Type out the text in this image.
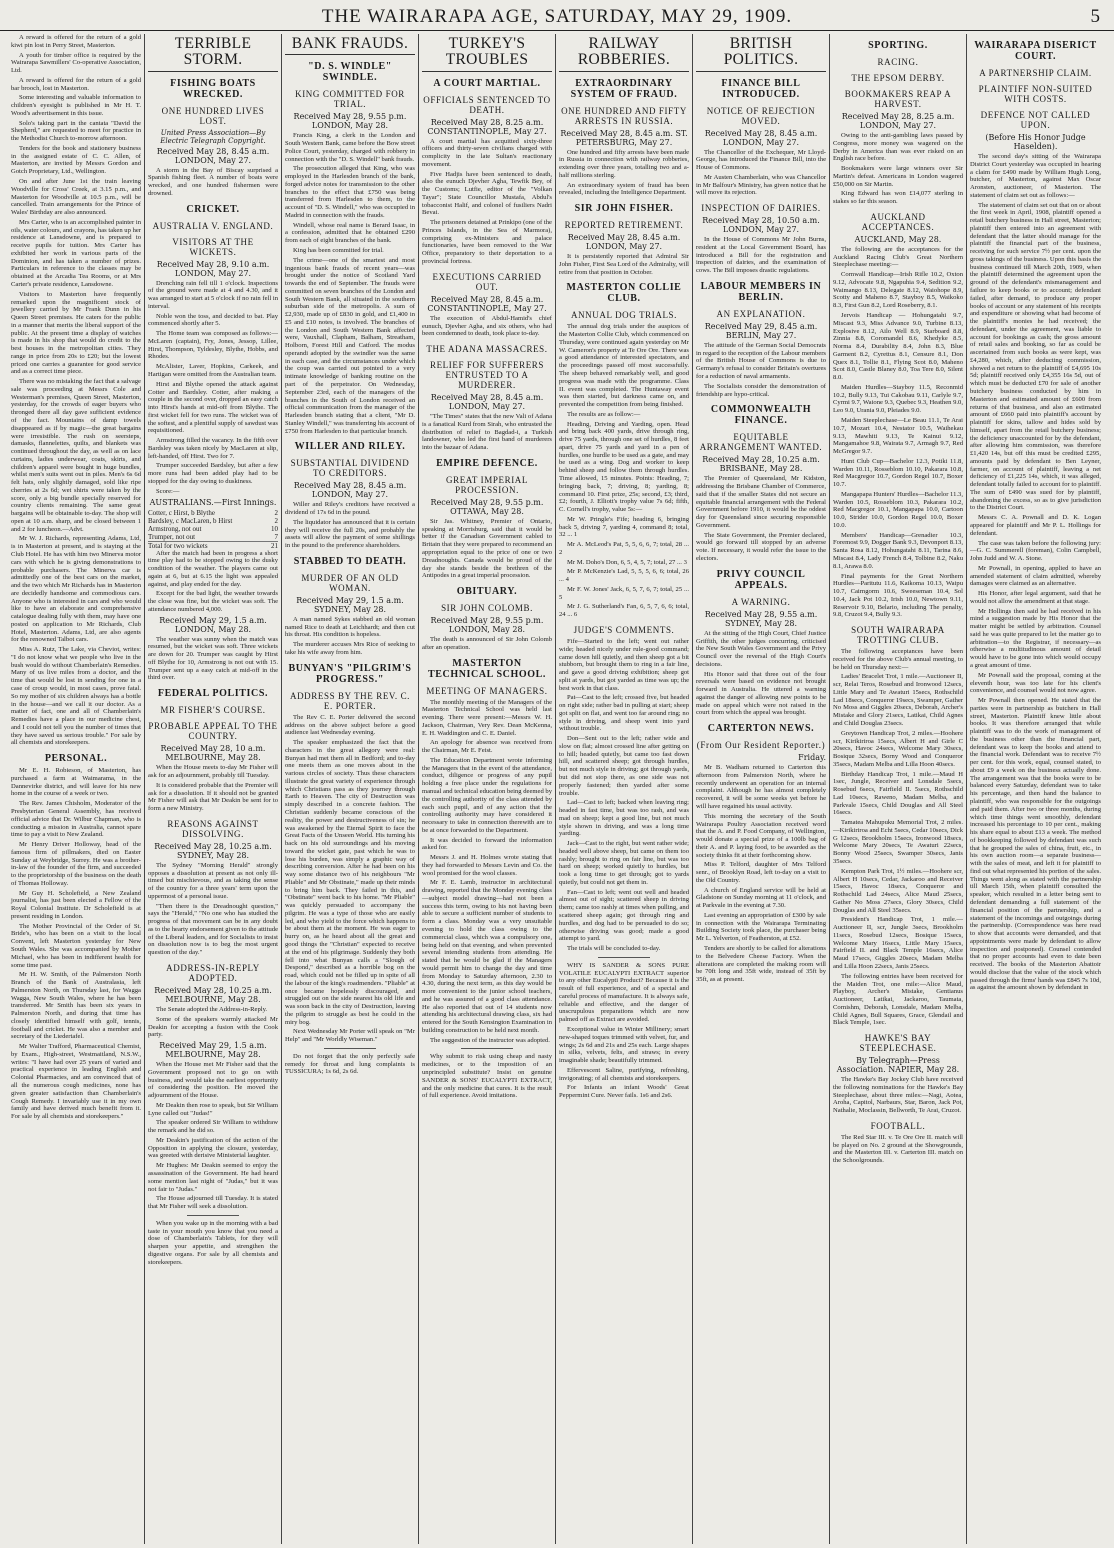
THE WAIRARAPA AGE, SATURDAY, MAY 29, 1909.	5

A reward is offered for the return of a gold kiwi pin lost in Perry Street, Masterton.

A youth for timber office is required by the Wairarapa Sawmillers' Co-operative Association, Ltd.

A reward is offered for the return of a gold bar brooch, lost in Masterton.

Some interesting and valuable information to children's eyesight is published in Mr H. T. Wood's advertisement in this issue.

Solo's taking part in the cantata "David the Shepherd," are requested to meet for practice in the Methodist Church to-morrow afternoon.

Tenders for the book and stationery business in the assigned estate of C. C. Allen, of Masterton, are invited by Messrs Gordon and Gotch Proprietary, Ltd., Wellington.

On and after June 1st the train leaving Woodville for Cross' Creek, at 3.15 p.m., and Masterton for Woodville at 10.5 p.m., will be cancelled. Train arrangements for the Prince of Wales' Birthday are also announced.

Mrs Carter, who is an accomplished painter in oils, water colours, and crayons, has taken up her residence at Lansdowne, and is prepared to receive pupils for tuition. Mrs Carter has exhibited her work in various parts of the Dominion, and has taken a number of prizes. Particulars in reference to the classes may be obtained at the Arcadia Tea Rooms, or at Mrs Carter's private residence, Lansdowne.

Visitors to Masterton have frequently remarked upon the magnificent stock of jewellery carried by Mr Frank Dunn in his Queen Street premises. He caters for the public in a manner that merits the liberal support of the public. At the present time a display of watches is made in his shop that would do credit to the best houses in the metropolitan cities. They range in price from 20s to £20; but the lowest priced one carries a guarantee for good service and as a correct time piece.

There was no mistaking the fact that a salvage sale was proceeding at Messrs Cole and Westerman's premises, Queen Street, Masterton, yesterday, for the crowds of eager buyers who thronged there all day gave sufficient evidence of the fact. Mountains of damp towels disappeared as if by magic—the great bargains were irresistible. The rush on seersteps, damasks, flannelettes, quilts, and blankets was continued throughout the day, as well as on lace curtains, ladies underwear, coats, skirts, and children's apparel were bought in huge bundles, whilst men's suits went out in piles. Men's 6s 6d felt hats, only slightly damaged, sold like ripe cherries at 2s 6d; wet shirts were taken by the score, only a big bundle specially reserved for country clients remaining. The same great bargains will be obtainable to-day. The shop will open at 10 a.m. sharp, and be closed between 1 and 2 for luncheon.—Advt.

Mr W. J. Richards, representing Adams, Ltd, is in Masterton at present, and is staying at the Club Hotel. He has with him two Minerva motor cars with which he is giving demonstrations to probable purchasers. The Minerva car is admittedly one of the best cars on the market, and the two which Mr Richards has in Masterton are decidedly handsome and commodious cars. Anyone who is interested in cars and who would like to have an elaborate and comprehensive catalogue dealing fully with them, may have one posted on application to Mr Richards, Club Hotel, Masterton. Adams, Ltd, are also agents for the renowned Talbot cars.

Miss A. Rutz, The Lake, via Cheviot, writes: "I do not know what we people who live in the bush would do without Chamberlain's Remedies. Many of us live miles from a doctor, and the time that would be lost in sending for one in a case of croup would, in most cases, prove fatal. So my mother of six children always has a bottle in the house—and we call it our doctor. As a matter of fact, one and all of Chamberlain's Remedies have a place in our medicine chest, and I could not tell you the number of times that they have saved us serious trouble." For sale by all chemists and storekeepers.

PERSONAL.

Mr E. H. Robieson, of Masterton, has purchased a farm at Waimarama, in the Dannevirke district, and will leave for his new home in the course of a week or two.

The Rev. James Chisholm, Moderator of the Presbyterian General Assembly, has received official advice that Dr. Wilbur Chapman, who is conducting a mission in Australia, cannot spare time to pay a visit to New Zealand.

Mr Henry Driver Holloway, head of the famous firm of pillmakers, died on Easter Sunday at Weybridge, Surrey. He was a brother-in-law of the founder of the firm, and succeeded to the proprietorship of the business on the death of Thomas Holloway.

Mr Guy H. Scholefield, a New Zealand journalist, has just been elected a Fellow of the Royal Colonial Institute. Dr Scholefield is at present residing in London.

The Mother Provincial of the Order of St. Bride's, who has been on a visit to the local Convent, left Masterton yesterday for New South Wales. She was accompanied by Mother Michael, who has been in indifferent health for some time past.

Mr H. W. Smith, of the Palmerston North Branch of the Bank of Australasia, left Palmerston North, on Thursday last, for Wagga Wagga, New South Wales, where he has been transferred. Mr Smith has been six years in Palmerston North, and during that time has closely identified himself with golf, tennis, football and cricket. He was also a member and secretary of the Liedertafel.

Mr Walter Trafford, Pharmaceutical Chemist, by Exam., High-street, Westmaitland, N.S.W., writes: "I have had over 25 years of varied and practical experience in leading English and Colonial Pharmacies, and am convinced that of all the numerous cough medicines, none has given greater satisfaction than Chamberlain's Cough Remedy. I invariably use it in my own family and have derived much benefit from it. For sale by all chemists and storekeepers."

TERRIBLE STORM.
FISHING BOATS WRECKED.
ONE HUNDRED LIVES LOST.
United Press Association—By Electric Telegraph Copyright.
Received May 28, 8.45 a.m. LONDON, May 27.

A storm in the Bay of Biscay surprised a Spanish fishing fleet. A number of boats were wrecked, and one hundred fishermen were drowned.

CRICKET.
AUSTRALIA V. ENGLAND.
VISITORS AT THE WICKETS.
Received May 28, 9.10 a.m. LONDON, May 27.

Drenching rain fell till 1 o'clock. Inspections of the ground were made at 4 and 4.30, and it was arranged to start at 5 o'clock if no rain fell in interval.

Noble won the toss, and decided to bat. Play commenced shortly after 5.

The Home team was composed as follows:—McLaren (captain), Fry, Jones, Jessop, Lillee, Hirst, Thompson, Tyldesley, Blythe, Hobbs, and Rhodes.

McAlister, Laver, Hopkins, Carkeek, and Hartigan were omitted from the Australian team.

Hirst and Blythe opened the attack against Cotter and Bardsley. Cotter, after making a couple in the second over, dropped an easy catch into Hirst's hands at mid-off from Blythe. The first wicket fell for two runs. The wicket was of the softest, and a plentiful supply of sawdust was requisitioned.

Armstrong filled the vacancy. In the fifth over Bardsley was taken nicely by MacLaren at slip, left-handed, off Hirst. Two for 7.

Trumper succeeded Bardsley, but after a few more runs had been added play had to be stopped for the day owing to duskiness.

Score:—

AUSTRALIANS.—First Innings.
Cotter, c Hirst, b Blythe	2
Bardsley, c MacLaren, b Hirst	2
Armstrong, not out	10
Trumper, not out	7
Total for two wickets	21

After the match had been in progress a short time play had to be stopped owing to the dusky condition of the weather. The players came out again at 6, but at 6.15 the light was appealed against, and play ended for the day.

Except for the bad light, the weather towards the close was fine, but the wicket was soft. The attendance numbered 4,000.

Received May 29, 1.5 a.m. LONDON, May 28.

The weather was sunny when the match was resumed, but the wicket was soft. Three wickets are down for 20. Trumper was caught by Hirst off Blythe for 10, Armstrong is not out with 15. Trumper sent up a easy catch at mid-off in the third over.

FEDERAL POLITICS.
MR FISHER'S COURSE.
PROBABLE APPEAL TO THE COUNTRY.
Received May 28, 10 a.m. MELBOURNE, May 28.

When the House meets to-day Mr Fisher will ask for an adjournment, probably till Tuesday.

It is considered probable that the Premier will ask for a dissolution. If it should not be granted Mr Fisher will ask that Mr Deakin be sent for to form a new Ministry.

REASONS AGAINST DISSOLVING.
Received May 28, 10.25 a.m. SYDNEY, May 28.

The Sydney "Morning Herald" strongly opposes a dissolution at present as not only ill-timed but mischievous, and as taking the sense of the country for a three years' term upon the uppermost of a personal issue.

"Then there is the Dreadnought question," says the "Herald," "No one who has studied the progress of that movement can be in any doubt as to the hearty endorsement given to the attitude of the Liberal leaders, and for Socialists to insist on dissolution now is to beg the most urgent question of the day."

ADDRESS-IN-REPLY ADOPTED.
Received May 28, 10.25 a.m. MELBOURNE, May 28.

The Senate adopted the Address-in-Reply.

Some of the speakers warmly attacked Mr Deakin for accepting a fusion with the Cook party.

Received May 29, 1.5 a.m. MELBOURNE, May 28.

When the House met Mr Fisher said that the Government proposed not to go on with business, and would take the earliest opportunity of considering the position. He moved the adjournment of the House.

Mr Deakin then rose to speak, but Sir William Lyne called out "Judas!"

The speaker ordered Sir William to withdraw the remark and he did so.

Mr Deakin's justification of the action of the Opposition in applying the closure, yesterday, was greeted with derisive Ministerial laughter.

Mr Hughes: Mr Deakin seemed to enjoy the assassination of the Government. He had heard some mention last night of "Judas," but it was not fair to "Judas."

The House adjourned till Tuesday. It is stated that Mr Fisher will seek a dissolution.

When you wake up in the morning with a bad taste in your mouth you know that you need a dose of Chamberlain's Tablets, for they will sharpen your appetite, and strengthen the digestive organs. For sale by all chemists and storekeepers.

BANK FRAUDS.
"D. S. WINDLE" SWINDLE.
KING COMMITTED FOR TRIAL.
Received May 28, 9.55 p.m. LONDON, May 28.

Francis King, a clerk in the London and South Western Bank, came before the Bow street Police Court, yesterday, charged with robbery in connection with the "D. S. Windell" bank frauds.

The prosecution alleged that King, who was employed in the Harlesden branch of the bank, forged advice notes for transmission to the other branches to the effect that £750 was being transferred from Harlesden to them, to the account of "D. S. Windell," who was occupied in Madrid in connection with the frauds.

Windell, whose real name is Berard Isaac, in a confession, admitted that he obtained £290 from each of eight branches of the bank.

King has been committed for trial.

The crime—one of the smartest and most ingenious bank frauds of recent years—was brought under the notice of Scotland Yard towards the end of September. The frauds were committed on seven branches of the London and South Western Bank, all situated in the southern suburban side of the metropolis. A sum of £2,930, made up of £830 in gold, and £1,400 in £5 and £10 notes, is involved. The branches of the London and South Western Bank affected were, Vauxhall, Clapham, Balham, Streatham, Holborn, Forest Hill and Catford. The modus operandi adopted by the swindler was the same in each case, and the circumstances under which the coup was carried out pointed to a very intimate knowledge of banking routine on the part of the perpetrator. On Wednesday, September 23rd, each of the managers of the branches in the South of London received an official communication from the manager of the Harlesden branch stating that a client, "Mr D. Stanley Windell," was transferring his account of £750 from Harlesden to that particular branch.

WILLER AND RILEY.
SUBSTANTIAL DIVIDEND TO CREDITORS.
Received May 28, 8.45 a.m. LONDON, May 27.

Willer and Riley's creditors have received a dividend of 17s 6d in the pound.

The liquidator has announced that it is certain they will receive the full 20s, and probably the assets will allow the payment of some shillings in the pound to the preference shareholders.

STABBED TO DEATH.
MURDER OF AN OLD WOMAN.
Received May 29, 1.5 a.m. SYDNEY, May 28.

A man named Sykes stabbed an old woman named Rice to death at Leichhardt; and then cut his throat. His condition is hopeless.

The murderer accuses Mrs Rice of seeking to take his wife away from him.

BUNYAN'S "PILGRIM'S PROGRESS."
ADDRESS BY THE REV. C. E. PORTER.

The Rev C. E. Porter delivered the second address on the above subject before a good audience last Wednesday evening.

The speaker emphasized the fact that the characters in the great allegory were real: Bunyan had met them all in Bedford; and to-day one meets them as one moves about in the various circles of society. Thus these characters illustrate the great variety of experience through which Christians pass as they journey through Earth to Heaven. The city of Destruction was simply described in a concrete fashion. The Christian suddenly became conscious of the reality, the power and destructiveness of sin; he was awakened by the Eternal Spirit to face the Great Facts of the Unseen World. His turning his back on his old surroundings and his moving toward the wicket gate, past which he was to lose his burden, was simply a graphic way of describing conversion. After he had been on his way some distance two of his neighbours "Mr Pliable" and Mr Obstinate," made up their minds to bring him back. They failed in this, and "Obstinate" went back to his home. "Mr Pliable" was quickly persuaded to accompany the pilgrim. He was a type of those who are easily led, and who yield to the force which happens to be about them at the moment. He was eager to hurry on, as he heard about all the great and good things the "Christian" expected to receive at the end of his pilgrimage. Suddenly they both fell into what Bunyan calls a "Slough of Despond," described as a horrible bog on the road, which could not be filled up in spite of all the labour of the king's roadmenders. "Pliable" at once became hopelessly discouraged, and struggled out on the side nearest his old life and was soon back in the city of Destruction, leaving the pilgrim to struggle as best he could in the miry bog.

Next Wednesday Mr Porter will speak on "Mr Help" and "Mr Worldly Wiseman."

Do not forget that the only perfectly safe remedy for throat and lung complaints is TUSSICURA; 1s 6d, 2s 6d.

TURKEY'S TROUBLES
A COURT MARTIAL.
OFFICIALS SENTENCED TO DEATH.
Received May 28, 8.25 a.m. CONSTANTINOPLE, May 27.

A court martial has acquitted sixty-three officers and thirty-seven civilians charged with complicity in the late Sultan's reactionary movement.

Five Hadjis have been sentenced to death, also the eunuch Djevher Agha, Tewfik Bey, of the Customs; Lutfie, editor of the "Volkan Tayar"; State Councillor Mustafa, Abdul's tobacconist Halif, and colonel of fusiliers Nadri Bevai.

The prisoners detained at Prinkipo (one of the Princes Islands, in the Sea of Marmora), comprising ex-Ministers and palace functionaries, have been removed to the War Office, preparatory to their deportation to a provincial fortress.

EXECUTIONS CARRIED OUT.
Received May 28, 8.45 a.m. CONSTANTINOPLE, May 27.

The execution of Abdul-Hamid's chief eunuch, Djevher Agha, and six others, who had been condemned to death, took place to-day.

THE ADANA MASSACRES.
RELIEF FOR SUFFERERS ENTRUSTED TO A MURDERER.
Received May 28, 8.45 a.m. LONDON, May 27.

"The Times" states that the new Vali of Adana is a fanatical Kurd from Sirah, who entrusted the distribution of relief to Bagdad-i, a Turkish landowner, who led the first band of murderers into the bazaar of Adana.

EMPIRE DEFENCE.
GREAT IMPERIAL PROCESSION.
Received May 28, 9.55 p.m. OTTAWA, May 28.

Sir Jas. Whitney, Premier of Ontario, speaking at Morrisburg, said that it would be better if the Canadian Government cabled to Britain that they were prepared to recommend an appropriation equal to the price of one or two Dreadnoughts. Canada would be proud of the day she stands beside the brethren of the Antipodes in a great imperial procession.

OBITUARY.
SIR JOHN COLOMB.
Received May 28, 9.55 p.m. LONDON, May 28.

The death is announced of Sir John Colomb after an operation.

MASTERTON TECHNICAL SCHOOL.
MEETING OF MANAGERS.

The monthly meeting of the Managers of the Masterton Technical School was held last evening. There were present:—Messrs W. H. Jackson, Chairman, Very Rev. Dean McKenna, E. H. Waddington and C. E. Daniel.

An apology for absence was received from the Chairman, Mr E. Feist.

The Education Department wrote informing the Managers that in the event of the attendance, conduct, diligence or progress of any pupil holding a free place under the regulations for manual and technical education being deemed by the controlling authority of the class attended by each such pupil, and of any action that the controlling authority may have considered it necessary to take in connection therewith are to be at once forwarded to the Department.

It was decided to forward the information asked for.

Messrs J. and H. Holmes wrote stating that they had forwarded to Messrs Levin and Co. the wool promised for the wool classes.

Mr F. E. Lamb, instructor in architectural drawing, reported that the Monday evening class—subject model drawing—had not been a success this term, owing to his not having been able to secure a sufficient number of students to form a class. Monday was a very unsuitable evening to hold the class owing to the commercial class, which was a compulsory one, being held on that evening, and when prevented several intending students from attending. He stated that he would be glad if the Managers would permit him to change the day and time from Monday to Saturday afternoon, 2.30 to 4.30, during the next term, as this day would be more convenient to the junior school teachers, and he was assured of a good class attendance. He also reported that out of 14 students now attending his architectural drawing class, six had entered for the South Kensington Examination in building construction to be held next month.

The suggestion of the instructor was adopted.

Why submit to risk using cheap and nasty medicines, or to the imposition of an unprincipled substitute? Insist on genuine SANDER & SONS' EUCALYPTI EXTRACT, and the only medicine that cures. It is the result of full experience. Avoid imitations.

RAILWAY ROBBERIES.
EXTRAORDINARY SYSTEM OF FRAUD.
ONE HUNDRED AND FIFTY ARRESTS IN RUSSIA.
Received May 28, 8.45 a.m. ST. PETERSBURG, May 27.

One hundred and fifty arrests have been made in Russia in connection with railway robberies, extending over three years, totalling two and a-half millions sterling.

An extraordinary system of fraud has been revealed, including the Intelligence Department.

SIR JOHN FISHER.
REPORTED RETIREMENT.
Received May 28, 8.45 a.m. LONDON, May 27.

It is persistently reported that Admiral Sir John Fisher, First Sea Lord of the Admiralty, will retire from that position in October.

MASTERTON COLLIE CLUB.
ANNUAL DOG TRIALS.

The annual dog trials under the auspices of the Masterton Collie Club, which commenced on Thursday, were continued again yesterday on Mr W. Cameron's property at Te Ore Ore. There was a good attendance of interested spectators, and the proceedings passed off most successfully. The sheep behaved remarkably well, and good progress was made with the programme. Class II. event was completed. The Huntaway event was then started, but darkness came on, and prevented the competition from being finished.

The results are as follow:—

Heading, Driving and Yarding, open. Head and bring back 400 yards, drive through ring, drive 75 yards, through one set of hurdles, 8 feet apart, drive 75 yards and yard in a pen of hurdles, one hurdle to be used as a gate, and may be used as a wing. Dog and worker to keep behind sheep and follow them through hurdles. Time allowed, 15 minutes. Points: Heading, 7; bringing back, 7; driving, 8; yarding, 8; command 10. First prize, 25s; second, £3; third, £2; fourth, J. Elliott's trophy value 7s 6d; fifth, C. Cornell's trophy, value 5s:—

Mr W. Pringle's Fife; heading 6, bringing back 5, driving 7, yarding 4, command 8; total, 32 ... 1

Mr A. McLeod's Pat, 5, 5, 6, 6, 7; total, 28 ... 2

Mr M. Doho's Don, 6, 5, 4, 5, 7; total, 27 ... 3

Mr P. McKenzie's Lad, 5, 5, 5, 6, 6; total, 26 ... 4

Mr F. W. Jones' Jack, 6, 5, 7, 6, 7; total, 25 ... 5

Mr J. G. Sutherland's Fan, 6, 5, 7, 6, 6; total, 24 ... 6

JUDGE'S COMMENTS.

Fife—Started to the left; went out rather wide; headed nicely under rule-good command; came down hill quietly, and then sheep got a bit stubborn, but brought them to ring in a fair line, and gave a good driving exhibition; sheep got split at yards, but got yarded as time was up; the best work in that class.

Pat—Cast to the left; crossed five, but headed on right side; rather bad in pulling at start; sheep got split on flat, and went too far around ring; no style in driving, and sheep went into yard without trouble.

Don—Sent out to the left; rather wide and slow on flat; almost crossed line after getting on to hill; headed quietly, but came too fast down hill, and scattered sheep; got through hurdles, but not much style in driving; got through yards, but did not stop there, as one side was not properly fastened; then yarded after some trouble.

Lad—Cast to left; backed when leaving ring; headed in fast time, but was too rash, and was mad on sheep; kept a good line, but not much style shown in driving, and was a long time yarding.

Jack—Cast to the right, but went rather wide; headed well above sheep, but came on them too rashly; brought to ring on fair line, but was too hard on sheep; worked quietly to hurdles, but took a long time to get through; got to yards quietly, but could not get them in.

Fan—Cast to left; went out well and headed almost out of sight; scattered sheep in driving them; came too rashly at times when pulling, and scattered sheep again; got through ring and hurdles, and dog had to be persuaded to do so; otherwise driving was good; made a good attempt to yard.

The trials will be concluded to-day.

WHY IS SANDER & SONS PURE VOLATILE EUCALYPTI EXTRACT superior to any other Eucalypti Product? Because it is the result of full experience, and of a special and careful process of manufacture. It is always safe, reliable and effective, and the danger of unscrupulous preparations which are now palmed off as Extract are avoided.

Exceptional value in Winter Millinery; smart new-shaped toques trimmed with velvet, fur, and wings; 2s 6d and 21s and 25s each. Large shapes in silks, velvets, felts, and straws; in every imaginable shade; beautifully trimmed.

Effervescent Saline, purifying, refreshing, invigorating; of all chemists and storekeepers.

For Infants an infant Woods' Great Peppermint Cure. Never fails. 1s6 and 2s6.

BRITISH POLITICS.
FINANCE BILL INTRODUCED.
NOTICE OF REJECTION MOVED.
Received May 28, 8.45 a.m. LONDON, May 27.

The Chancellor of the Exchequer, Mr Lloyd-George, has introduced the Finance Bill, into the House of Commons.

Mr Austen Chamberlain, who was Chancellor in Mr Balfour's Ministry, has given notice that he will move its rejection.

INSPECTION OF DAIRIES.
Received May 28, 10.50 a.m. LONDON, May 27.

In the House of Commons Mr John Burns, resident at the Local Government Board, has introduced a Bill for the registration and inspection of dairies, and the examination of cows. The Bill imposes drastic regulations.

LABOUR MEMBERS IN BERLIN.
AN EXPLANATION.
Received May 29, 8.45 a.m. BERLIN, May 27.

The attitude of the German Social Democrats in regard to the reception of the Labour members of the British House of Commons is due to Germany's refusal to consider Britain's overtures for a reduction of naval armaments.

The Socialists consider the demonstration of friendship are hypo-critical.

COMMONWEALTH FINANCE.
EQUITABLE ARRANGEMENT WANTED.
Received May 28, 10.25 a.m. BRISBANE, May 28.

The Premier of Queensland, Mr Kidston, addressing the Brisbane Chamber of Commerce, said that if the smaller States did not secure an equitable financial arrangement with the Federal Government before 1910, it would be the oddest day for Queensland since securing responsible Government.

The State Government, the Premier declared, would go forward till stopped by an adverse vote. If necessary, it would refer the issue to the electors.

PRIVY COUNCIL APPEALS.
A WARNING.
Received May 28, 9.55 a.m. SYDNEY, May 28.

At the sitting of the High Court, Chief Justice Griffith, the other judges concurring, criticised the New South Wales Government and the Privy Council over the reversal of the High Court's decisions.

His Honor said that three out of the four reversals were based on evidence not brought forward in Australia. He uttered a warning against the danger of allowing new points to be made on appeal which were not raised in the court from which the appeal was brought.

CARTERTON NEWS.
(From Our Resident Reporter.)
Friday.

Mr B. Wadham returned to Carterton this afternoon from Palmerston North, where he recently underwent an operation for an internal complaint. Although he has almost completely recovered, it will be some weeks yet before he will have regained his usual activity.

This morning the secretary of the South Wairarapa Poultry Association received word that the A. and P. Food Company, of Wellington, would donate a special prize of a 100lb bag of their A. and P. laying food, to be awarded as the society thinks fit at their forthcoming show.

Miss P. Telford, daughter of Mrs Telford senr., of Brooklyn Road, left to-day on a visit to the Old Country.

A church of England service will be held at Gladstone on Sunday morning at 11 o'clock, and at Parkvale in the evening at 7.30.

Last evening an appropriation of £300 by sale in connection with the Wairarapa Terminating Building Society took place, the purchaser being Mr L. Yelverton, of Featherston, at £52.

Tenders are shortly to be called for alterations to the Belvedere Cheese Factory. When the alterations are completed the making room will be 70ft long and 35ft wide, instead of 35ft by 35ft, as at present.

SPORTING.
RACING.
THE EPSOM DERBY.
BOOKMAKERS REAP A HARVEST.
Received May 28, 8.25 a.m. LONDON, May 27.

Owing to the anti-gambling laws passed by Congress, more money was wagered on the Derby in America than was ever risked on an English race before.

Bookmakers were large winners over Sir Martin's defeat. Americans in London wagered £50,000 on Sir Martin.

King Edward has won £14,077 sterling in stakes so far this season.

AUCKLAND ACCEPTANCES.
AUCKLAND, May 28.

The following are the acceptances for the Auckland Racing Club's Great Northern Steeplechase meeting:—

Cornwall Handicap—Irish Rifle 10.2, Oxton 9.12, Advocate 9.8, Ngapuhia 9.4, Sedition 9.2, Waimango 8.13, Delegate 8.12, Waiohope 8.9, Scotty and Maheno 8.7, Stayboy 8.5, Waikoko 8.3, First Gun 8.2, Lord Roseberry, 8.1.

Jervois Handicap — Hohungatahi 9.7, Miscast 9.3, Miss Advance 9.0, Turbine 8.13, Explosive 8.12, Ailo Well 8.9, Starboard 8.8, Zinnia 8.8, Coromandel 8.6, Khedyke 8.5, Norma 8.4, Durability 8.4, John 8.3, Blue Garment 8.2, Cyrettus 8.1, Censure 8.1, Don Quex 8.1, Tollie 8.1, Flying Scot 8.0, Maheno Scot 8.0, Castle Blaney 8.0, Toa Tere 8.0, Silent 8.0.

Maiden Hurdles—Stayboy 11.5, Reconmid 10.2, Bully 9.13, Tui Cakobau 9.11, Carlyle 9.7, Cyrmi 9.7, Waione 9.3, Quebec 9.3, Heathen 9.0, Leo 9.0, Urania 9.0, Pleiades 9.0.

Maiden Steeplechase—Le Beau 11.1, Te Arai 10.7, Mozart 10.4, Nestator 10.5, Waihekau 9.13, Mawhiti 9.13, Te Kainui 9.12, Mangamahoe 9.8, Wairata 9.7, Armagh 9.7, Red McGregor 9.7.

Hunt Club Cup—Bachelor 12.3, Potiki 11.8, Warden 10.11, Rosseblom 10.10, Pakarara 10.8, Red Macgregor 10.7, Gordon Regel 10.7, Boxer 10.7.

Mangapapa Hunters' Hurdles—Bachelor 11.3, Warden 10.5, Rosseblom 10.3, Pakarara 10.2, Red Macgregor 10.1, Mangapapa 10.0, Cartoon 10.0, Strider 10.0, Gordon Regel 10.0, Boxer 10.0.

Members' Handicap—Grenadier 10.3, Foremost 9.9, Dogger Bank 9.3, Devonport 8.13, Santa Rosa 8.12, Hohungatahi 8.11, Tarina 8.6, Miscast 8.4, Lady French 8.4, Tolbine 8.2, Naku 8.1, Arawa 8.0.

Final payments for the Great Northern Hurdles—Paritutu 11.6, Kaikoma 10.13, Waipu 10.7, Cairngorm 10.6, Sweeseman 10.4, Sol 10.4, Jack Pot 10.2, Irish 10.0, Newtown 9.11, Reservoir 9.10, Belario, including The penalty, 9.8, Cruzot 9.4, Bully 9.3.

SOUTH WAIRARAPA TROTTING CLUB.

The following acceptances have been received for the above Club's annual meeting, to be held on Thursday next:—

Ladies' Bracelet Trot, 1 mile.—Auctioneer II, scr, Relai Teros, Rosebud and Ironwood 12secs, Little Mary and Te Awaturi 15secs, Rothschild Lad 18secs, Conqueror 19secs, Swamper, Gather No Moss and Giggles 20secs, Deborah, Archer's Mistake and Glory 21secs, Latikai, Child Agnes and Child Douglas 23secs.

Greytown Handicap Trot, 2 miles.—Hoohere scr, Kirikiriroa 15secs, Albert H and Girle C 20secs, Havoc 24secs, Welcome Mary 30secs, Bosique 32secs, Borny Wood and Conqueror 35secs, Madam Melba and Lilla Hoon 40secs.

Birthday Handicap Trot, 1 mile.—Maud H 1sec, Jungle, Receiver and Lonsdale 5secs, Rosebud 6secs, Fairfield II. 5secs, Rothschild Lad 10secs, Raweno, Madam Melba, and Parkvale 15secs, Child Douglas and All Steel 16secs.

Tamatea Mahupuku Memorial Trot, 2 miles.—Kirikiriroa and Echt 5secs, Cedar 10secs, Dick G 12secs, Brookholm 15secs, Ironwood 18secs, Welcome Mary 20secs, Te Awaturi 22secs, Bonny Wood 25secs, Swamper 30secs, Janis 35secs.

Kempton Park Trot, 1½ miles.—Hoohere scr, Albert H 10secs, Cedar, Jackaroo and Receiver 15secs, Havoc 18secs, Conqueror and Rothschild Lad 24secs, Alice Maud 25secs, Gather No Moss 27secs, Glory 30secs, Child Douglas and All Steel 35secs.

President's Handicap Trot, 1 mile.—Auctioneer II, scr, Jungle 3secs, Brookholm 11secs, Rosebud 12secs, Bosique 15secs, Welcome Mary 16secs, Little Mary 15secs, Fairfield II. and Black Temple 16secs, Alice Maud 17secs, Giggles 20secs, Madam Melba and Lilla Hoon 22secs, Janis 25secs.

The following entries have been received for the Maiden Trot, one mile:—Alice Maud, Playboy, Archer's Mistake, Gentianus Auctioneer, Latikai, Jackaroo, Taumata, Cornishm, Deborah, Lonsdale, Madam Melba, Child Agnes, Bull Squares, Grace, Glendail and Black Temple, 1sec.

HAWKE'S BAY STEEPLECHASE.
By Telegraph—Press Association. NAPIER, May 28.

The Hawke's Bay Jockey Club have received the following nominations for the Hawke's Bay Steeplechase, about three miles:—Nagi, Aotea, Aroha, Capitol, Narbaurs, Star, Baron, Jack Pot, Nathalie, Moclassin, Bellworth, Te Arai, Cruzot.

FOOTBALL.

The Red Star III. v. Te Ore Ore II. match will be played on No. 2 ground at the Showgrounds, and the Masterton III. v. Carterton III. match on the Schoolgrounds.

WAIRARAPA DISERICT COURT.
A PARTNERSHIP CLAIM.
PLAINTIFF NON-SUITED WITH COSTS.
DEFENCE NOT CALLED UPON.
(Before His Honor Judge Haselden).

The second day's sitting of the Wairarapa District Court yesterday was occupied in hearing a claim for £490 made by William Hugh Long, butcher, of Masterton, against Max Oscar Aronsten, auctioneer, of Masterton. The statement of claim set out as follows:—

The statement of claim set out that on or about the first week in April, 1908, plaintiff opened a retail butchery business in Hall street, Masterton; plaintiff then entered into an agreement with defendant that the latter should manage for the plaintiff the financial part of the business, receiving for such service 7½ per cent. upon the gross takings of the business. Upon this basis the business continued till March 20th, 1909, when the plaintiff determined the agreement upon the ground of the defendant's mismanagement and failure to keep books or to account; defendant failed, after demand, to produce any proper books of account or any statement of his receipts and expenditure or showing what had become of the plaintiff's monies he had received; the defendant, under the agreement, was liable to account for bookings as cash; the gross amount of retail sales and booking, so far as could be ascertained from such books as were kept, was £4,280, which, after deducting commission, showed a net return to the plaintiff of £4,695 10s 5d; plaintiff received only £4,355 16s 5d, out of which must be deducted £70 for sale of another butchery business conducted by him in Masterton and estimated amount of £600 from returns of that business, and also an estimated amount of £660 paid into plaintiff's account by plaintiff for skins, tallow and hides sold by himself, apart from the retail butchery business; the deficiency unaccounted for by the defendant, after allowing him commission, was therefore £1,420 14s, but off this must be credited £295, amounts paid by defendant to Ben Leyner, farmer, on account of plaintiff, leaving a net deficiency of £1,225 14s, which, it was alleged, defendant totally failed to account for to plaintiff. The sum of £490 was sued for by plaintiff, abandoning the excess, so as to give jurisdiction to the District Court.

Messrs C. A. Pownall and D. K. Logan appeared for plaintiff and Mr P. L. Hollings for defendant.

The case was taken before the following jury:—G. C. Summerell (foreman), Colin Campbell, John Judd and W. A. Stone.

Mr Pownall, in opening, applied to have an amended statement of claim admitted, whereby damages were claimed as an alternative.

His Honor, after legal argument, said that he would not allow the amendment at that stage.

Mr Hollings then said he had received in his mind a suggestion made by His Honor that the matter might be settled by arbitration. Counsel said he was quite prepared to let the matter go to arbitration—to the Registrar, if necessary—as otherwise a multitudinous amount of detail would have to be gone into which would occupy a great amount of time.

Mr Pownall said the proposal, coming at the eleventh hour, was too late for his client's convenience, and counsel would not now agree.

Mr Pownall then opened. He stated that the parties were in partnership as butchers in Hall street, Masterton. Plaintiff knew little about books. It was therefore arranged that while plaintiff was to do the work of management of the business other than the financial part, defendant was to keep the books and attend to the financial work. Defendant was to receive 7½ per cent. for this work, equal, counsel stated, to about £9 a week on the business actually done. The arrangement was that the books were to be balanced every Saturday, defendant was to take his percentage, and then hand the balance to plaintiff, who was responsible for the outgoings and paid them. After two or three months, during which time things went smoothly, defendant increased his percentage to 10 per cent., making his share equal to about £13 a week. The method of bookkeeping followed by defendant was such that he grouped the sales of china, fruit, etc., in his own auction room—a separate business—with the sales of meat, and left it for plaintiff to find out what represented his portion of the sales. Things went along as stated with the partnership till March 15th, when plaintiff consulted the speaker, which resulted in a letter being sent to defendant demanding a full statement of the financial position of the partnership, and a statement of the incomings and outgoings during the partnership. (Correspondence was here read to show that accounts were demanded, and that appointments were made by defendant to allow inspection and postponed). Counsel contended that no proper accounts had even to date been received. The books of the Masterton Abattoir would disclose that the value of the stock which passed through the firms' hands was £845 7s 10d, as against the amount shown by defendant in
